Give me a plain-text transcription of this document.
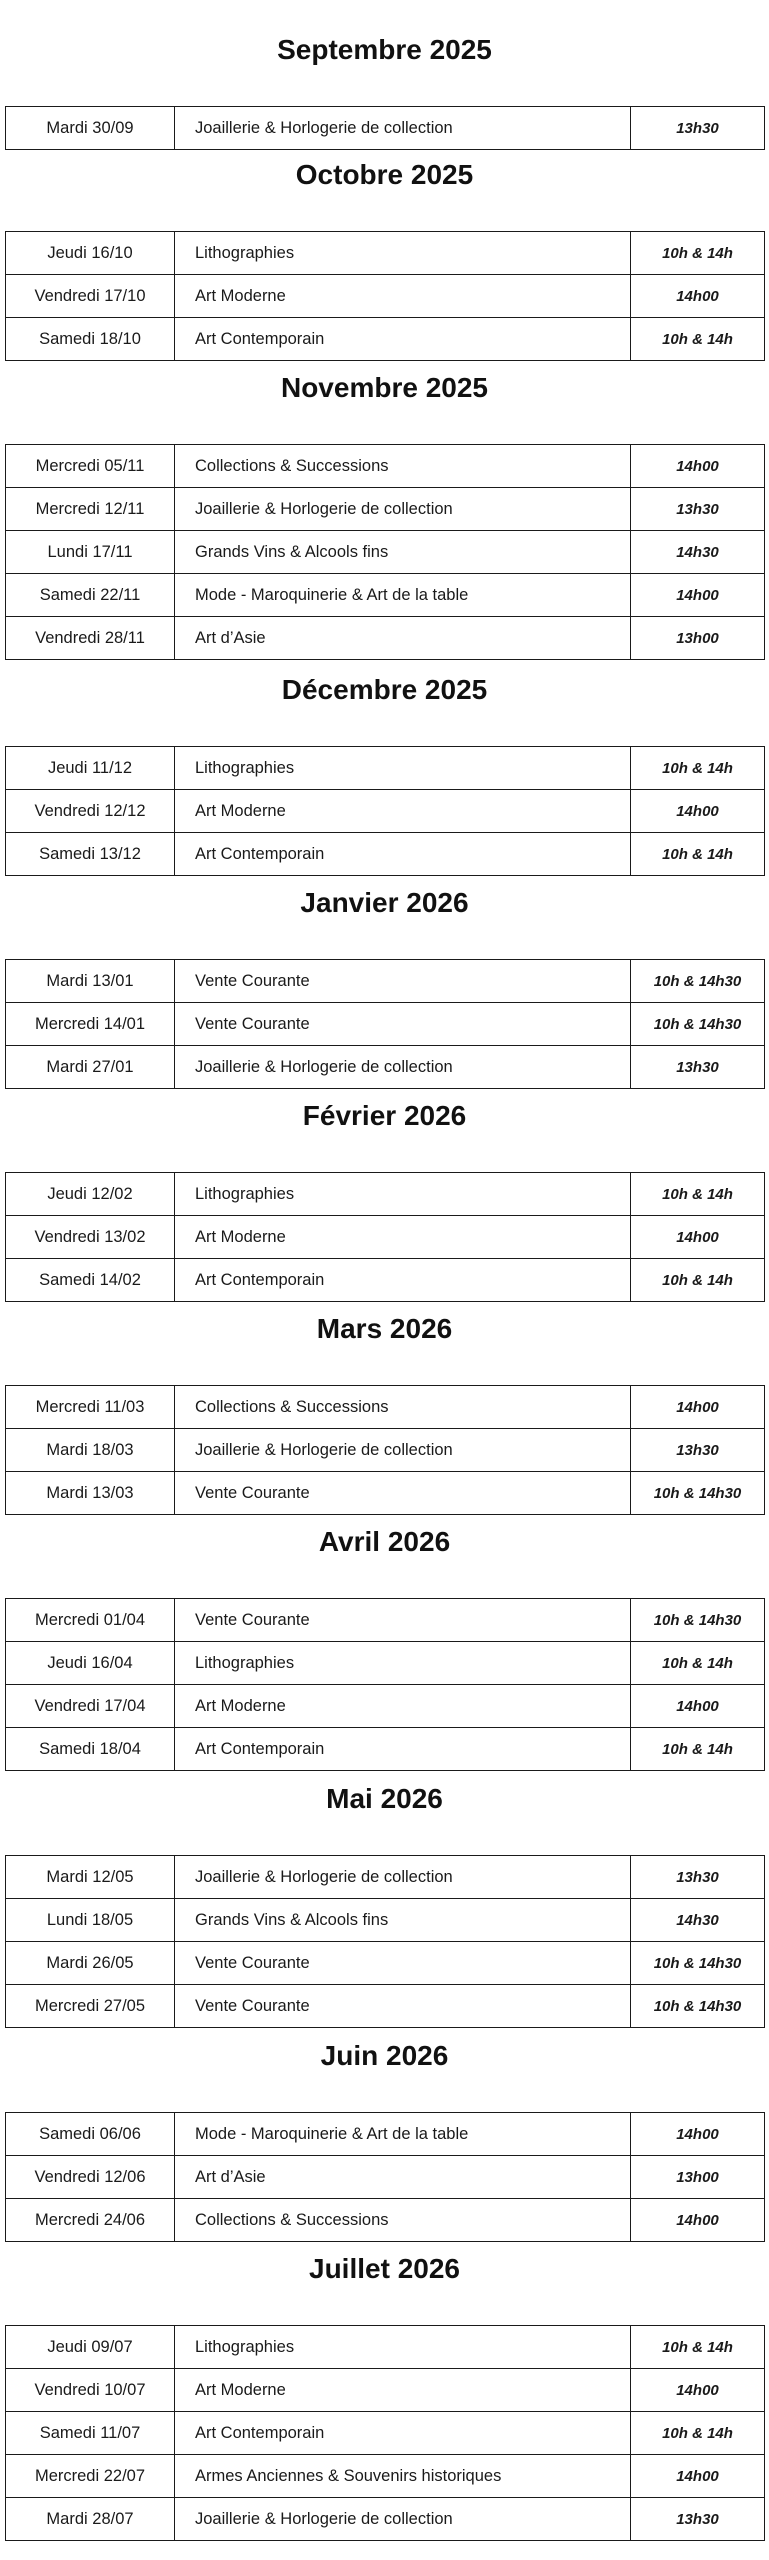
Septembre 2025
Mardi 30/09	Joaillerie & Horlogerie de collection	13h30
Octobre 2025
Jeudi 16/10	Lithographies	10h & 14h
Vendredi 17/10	Art Moderne	14h00
Samedi 18/10	Art Contemporain	10h & 14h
Novembre 2025
Mercredi 05/11	Collections & Successions	14h00
Mercredi 12/11	Joaillerie & Horlogerie de collection	13h30
Lundi 17/11	Grands Vins & Alcools fins	14h30
Samedi 22/11	Mode - Maroquinerie & Art de la table	14h00
Vendredi 28/11	Art d’Asie	13h00
Décembre 2025
Jeudi 11/12	Lithographies	10h & 14h
Vendredi 12/12	Art Moderne	14h00
Samedi 13/12	Art Contemporain	10h & 14h
Janvier 2026
Mardi 13/01	Vente Courante	10h & 14h30
Mercredi 14/01	Vente Courante	10h & 14h30
Mardi 27/01	Joaillerie & Horlogerie de collection	13h30
Février 2026
Jeudi 12/02	Lithographies	10h & 14h
Vendredi 13/02	Art Moderne	14h00
Samedi 14/02	Art Contemporain	10h & 14h
Mars 2026
Mercredi 11/03	Collections & Successions	14h00
Mardi 18/03	Joaillerie & Horlogerie de collection	13h30
Mardi 13/03	Vente Courante	10h & 14h30
Avril 2026
Mercredi 01/04	Vente Courante	10h & 14h30
Jeudi 16/04	Lithographies	10h & 14h
Vendredi 17/04	Art Moderne	14h00
Samedi 18/04	Art Contemporain	10h & 14h
Mai 2026
Mardi 12/05	Joaillerie & Horlogerie de collection	13h30
Lundi 18/05	Grands Vins & Alcools fins	14h30
Mardi 26/05	Vente Courante	10h & 14h30
Mercredi 27/05	Vente Courante	10h & 14h30
Juin 2026
Samedi 06/06	Mode - Maroquinerie & Art de la table	14h00
Vendredi 12/06	Art d’Asie	13h00
Mercredi 24/06	Collections & Successions	14h00
Juillet 2026
Jeudi 09/07	Lithographies	10h & 14h
Vendredi 10/07	Art Moderne	14h00
Samedi 11/07	Art Contemporain	10h & 14h
Mercredi 22/07	Armes Anciennes & Souvenirs historiques	14h00
Mardi 28/07	Joaillerie & Horlogerie de collection	13h30
